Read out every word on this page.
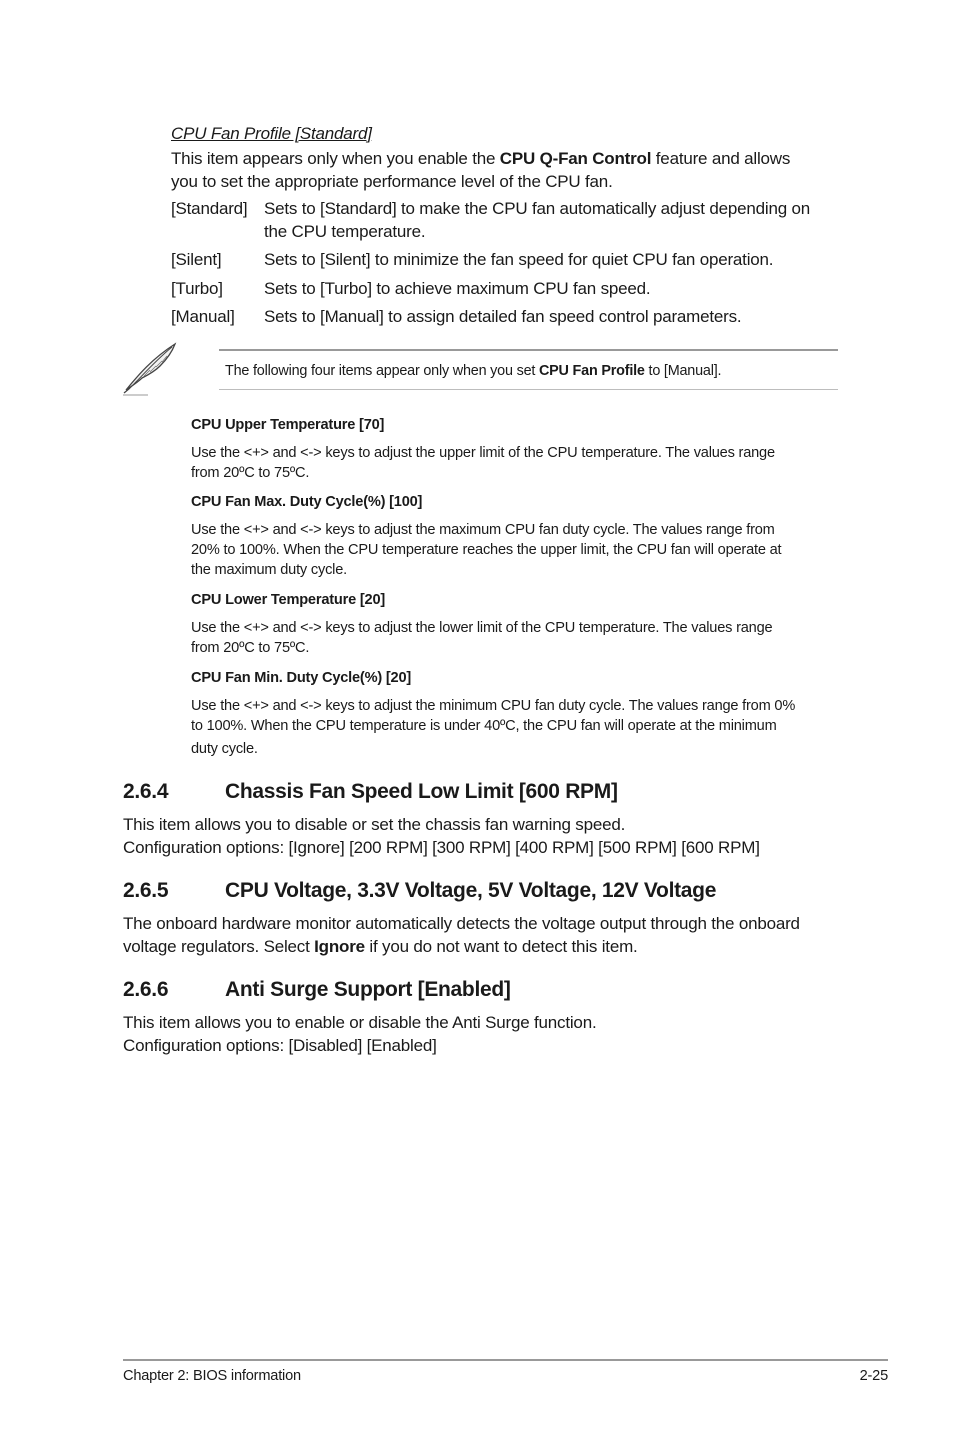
CPU Fan Profile [Standard]
This item appears only when you enable the CPU Q-Fan Control feature and allows
you to set the appropriate performance level of the CPU fan.
[Standard] Sets to [Standard] to make the CPU fan automatically adjust depending on
the CPU temperature.
[Silent]	Sets to [Silent] to minimize the fan speed for quiet CPU fan operation.
[Turbo] Sets to [Turbo] to achieve maximum CPU fan speed.
[Manual] Sets to [Manual] to assign detailed fan speed control parameters.
The following four items appear only when you set CPU Fan Profile to [Manual].
CPU Upper Temperature [70]
Use the <+> and <-> keys to adjust the upper limit of the CPU temperature. The values range
from 20ºC to 75ºC.
CPU Fan Max. Duty Cycle(%) [100]
Use the <+> and <-> keys to adjust the maximum CPU fan duty cycle. The values range from
20% to 100%. When the CPU temperature reaches the upper limit, the CPU fan will operate at
the maximum duty cycle.
CPU Lower Temperature [20]
Use the <+> and <-> keys to adjust the lower limit of the CPU temperature. The values range
from 20ºC to 75ºC.
CPU Fan Min. Duty Cycle(%) [20]
Use the <+> and <-> keys to adjust the minimum CPU fan duty cycle. The values range from 0%
to 100%. When the CPU temperature is under 40ºC, the CPU fan will operate at the minimum
duty cycle.
2.6.4	Chassis Fan Speed Low Limit [600 RPM]
This item allows you to disable or set the chassis fan warning speed.
Configuration options: [Ignore] [200 RPM] [300 RPM] [400 RPM] [500 RPM] [600 RPM]
2.6.5	CPU Voltage, 3.3V Voltage, 5V Voltage, 12V Voltage
The onboard hardware monitor automatically detects the voltage output through the onboard
voltage regulators. Select Ignore if you do not want to detect this item.
2.6.6	Anti Surge Support [Enabled]
This item allows you to enable or disable the Anti Surge function.
Configuration options: [Disabled] [Enabled]
Chapter 2: BIOS information	2-25
